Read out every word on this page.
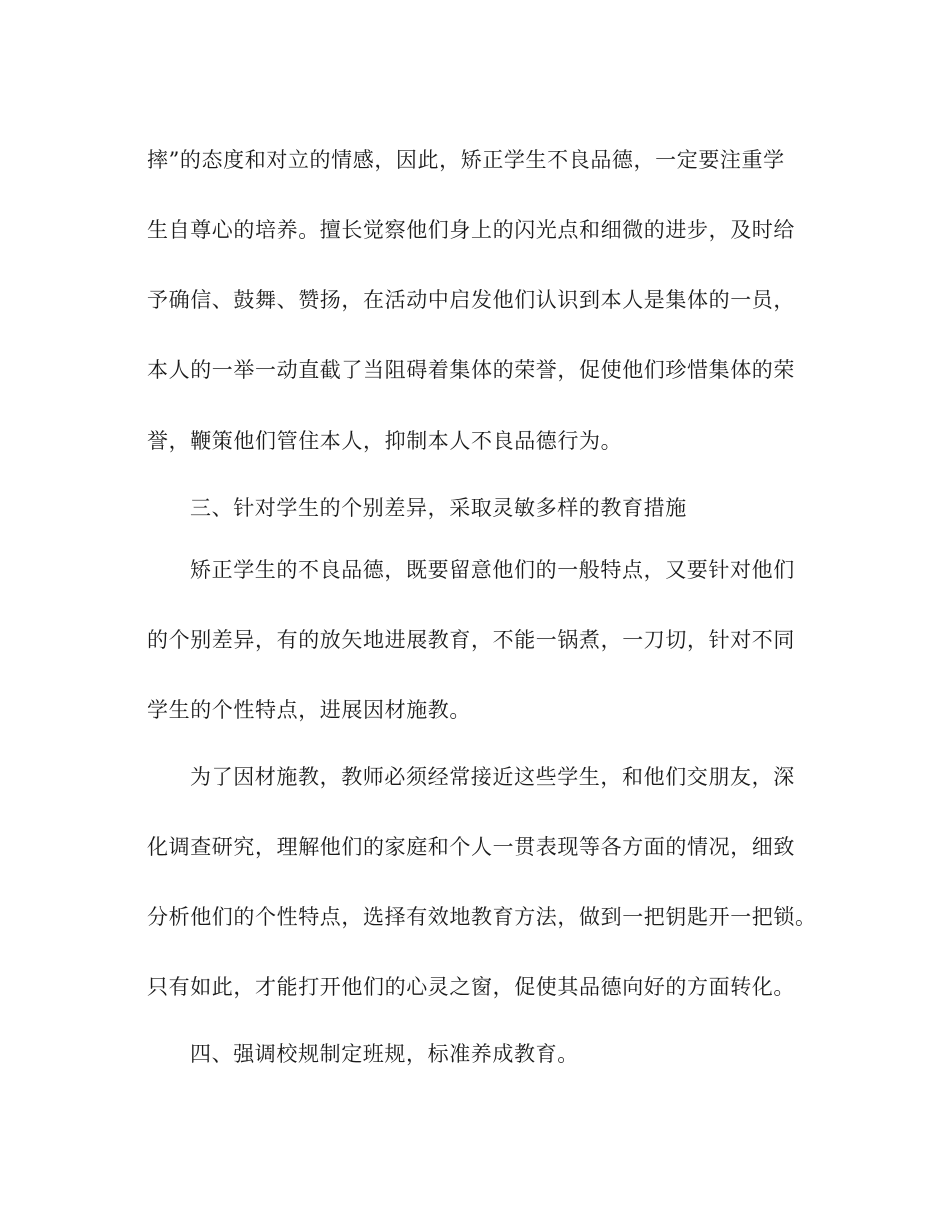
摔”的态度和对立的情感，因此，矫正学生不良品德，一定要注重学
生自尊心的培养。擅长觉察他们身上的闪光点和细微的进步，及时给
予确信、鼓舞、赞扬，在活动中启发他们认识到本人是集体的一员，
本人的一举一动直截了当阻碍着集体的荣誉，促使他们珍惜集体的荣
誉，鞭策他们管住本人，抑制本人不良品德行为。
三、针对学生的个别差异，采取灵敏多样的教育措施
矫正学生的不良品德，既要留意他们的一般特点，又要针对他们
的个别差异，有的放矢地进展教育，不能一锅煮，一刀切，针对不同
学生的个性特点，进展因材施教。
为了因材施教，教师必须经常接近这些学生，和他们交朋友，深
化调查研究，理解他们的家庭和个人一贯表现等各方面的情况，细致
分析他们的个性特点，选择有效地教育方法，做到一把钥匙开一把锁。
只有如此，才能打开他们的心灵之窗，促使其品德向好的方面转化。
四、强调校规制定班规，标准养成教育。
